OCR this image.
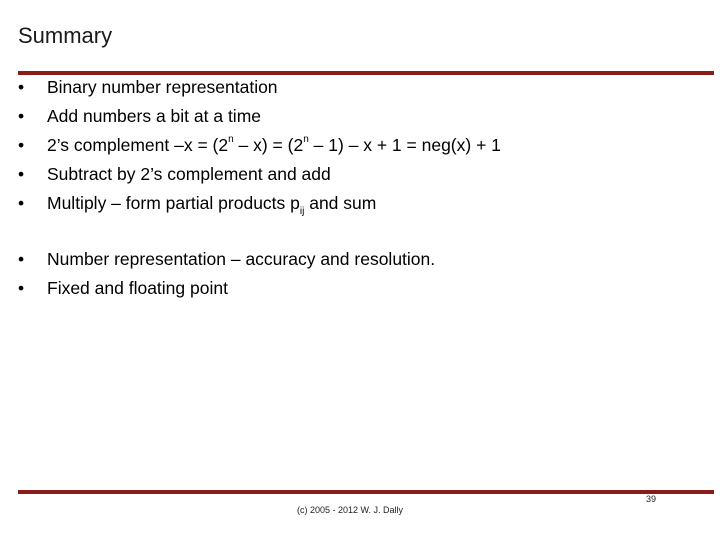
Summary
• Binary number representation
• Add numbers a bit at a time
• 2’s complement $-x = (2^n - x) = (2^n - 1) - x + 1 = neg(x) + 1$
• Subtract by 2’s complement and add
• Multiply – form partial products $p_{ij}$ and sum
• Number representation – accuracy and resolution.
• Fixed and floating point
39
(c) 2005 - 2012 W. J. Dally
